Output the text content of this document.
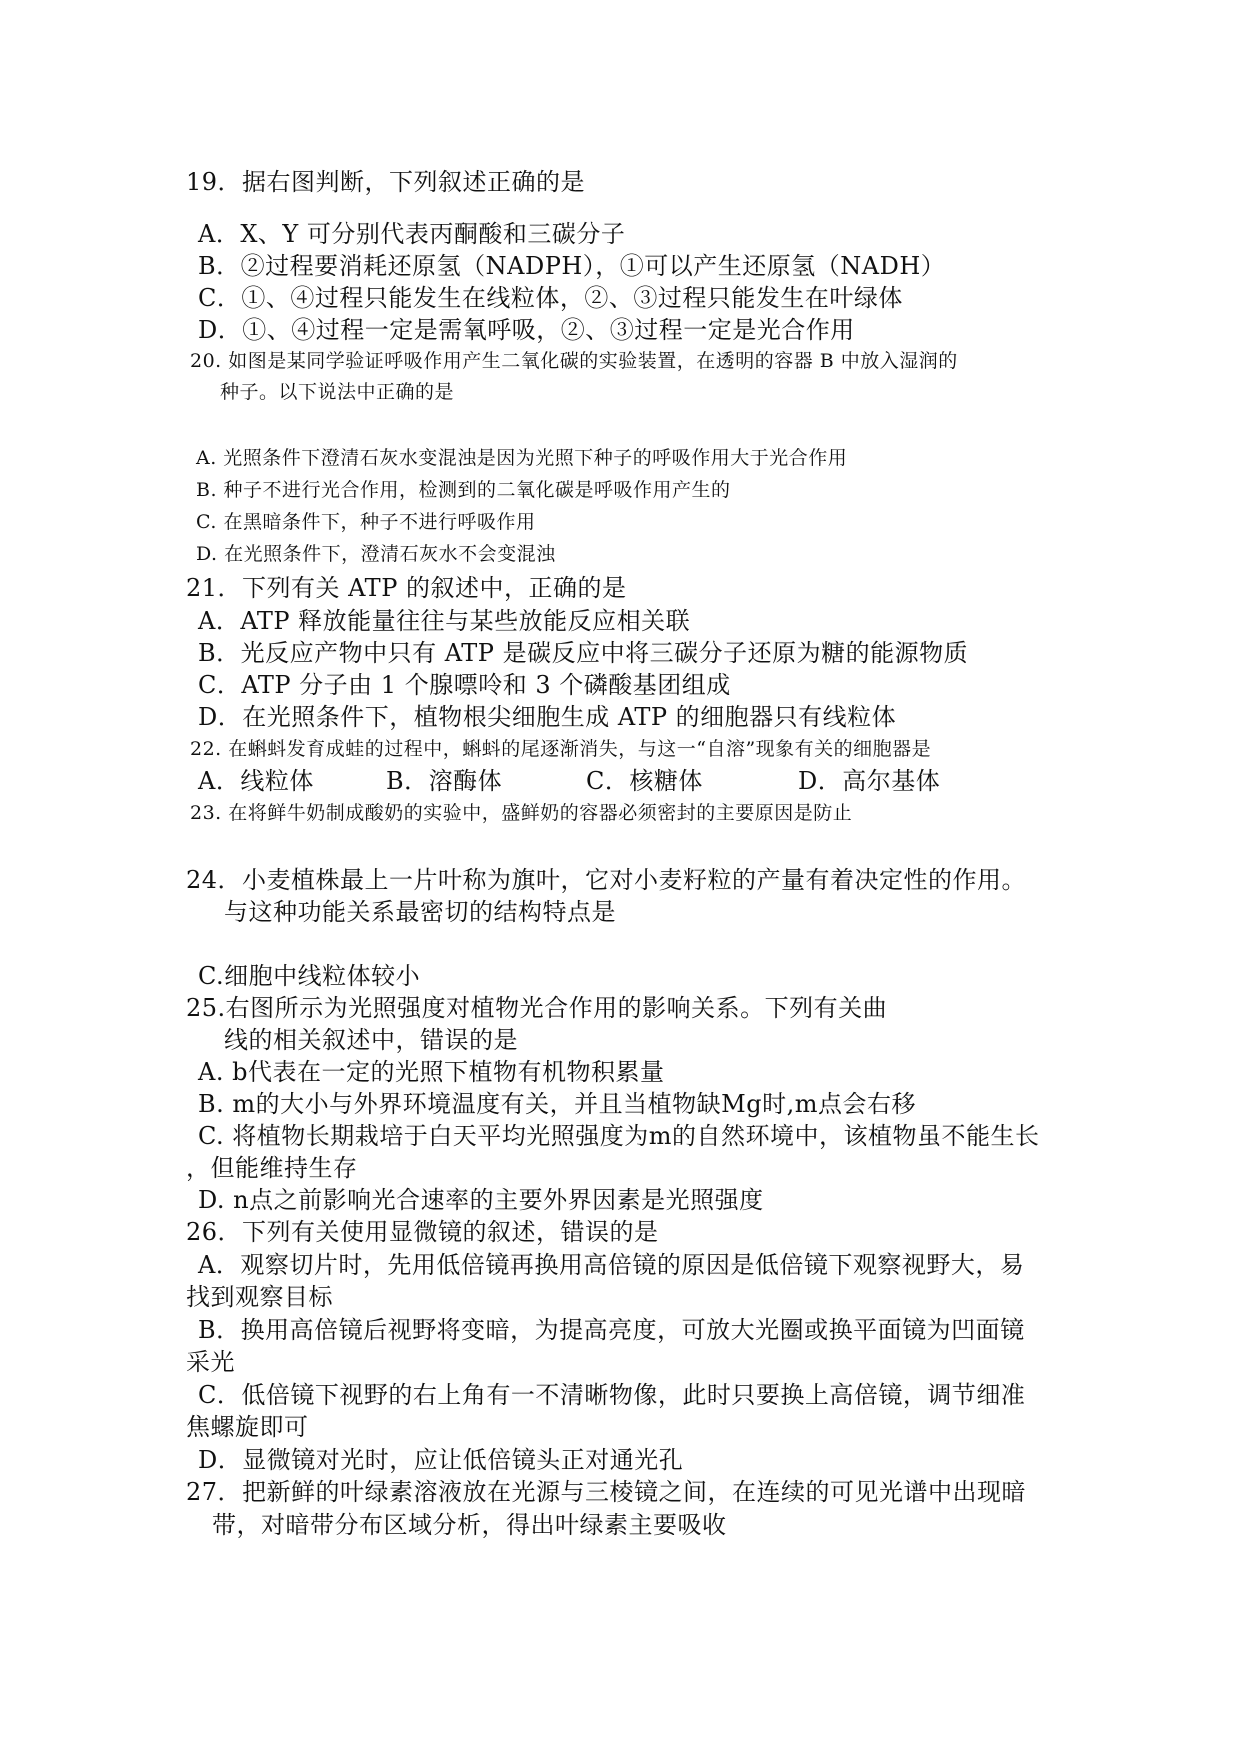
19．据右图判断，下列叙述正确的是
A．X、Y 可分别代表丙酮酸和三碳分子
B．②过程要消耗还原氢（NADPH），①可以产生还原氢（NADH）
C．①、④过程只能发生在线粒体，②、③过程只能发生在叶绿体
D．①、④过程一定是需氧呼吸，②、③过程一定是光合作用
20. 如图是某同学验证呼吸作用产生二氧化碳的实验装置，在透明的容器 B 中放入湿润的
种子。以下说法中正确的是
A. 光照条件下澄清石灰水变混浊是因为光照下种子的呼吸作用大于光合作用
B. 种子不进行光合作用，检测到的二氧化碳是呼吸作用产生的
C. 在黑暗条件下，种子不进行呼吸作用
D. 在光照条件下，澄清石灰水不会变混浊
21．下列有关 ATP 的叙述中，正确的是
A．ATP 释放能量往往与某些放能反应相关联
B．光反应产物中只有 ATP 是碳反应中将三碳分子还原为糖的能源物质
C．ATP 分子由 1 个腺嘌呤和 3 个磷酸基团组成
D．在光照条件下，植物根尖细胞生成 ATP 的细胞器只有线粒体
22. 在蝌蚪发育成蛙的过程中，蝌蚪的尾逐渐消失，与这一“自溶”现象有关的细胞器是
A．线粒体	B．溶酶体	C．核糖体	D．高尔基体
23. 在将鲜牛奶制成酸奶的实验中，盛鲜奶的容器必须密封的主要原因是防止
24．小麦植株最上一片叶称为旗叶，它对小麦籽粒的产量有着决定性的作用。
与这种功能关系最密切的结构特点是
C.细胞中线粒体较小
25.右图所示为光照强度对植物光合作用的影响关系。下列有关曲
线的相关叙述中，错误的是
A. b代表在一定的光照下植物有机物积累量
B. m的大小与外界环境温度有关，并且当植物缺Mg时,m点会右移
C. 将植物长期栽培于白天平均光照强度为m的自然环境中，该植物虽不能生长
，但能维持生存
D. n点之前影响光合速率的主要外界因素是光照强度
26．下列有关使用显微镜的叙述，错误的是
A．观察切片时，先用低倍镜再换用高倍镜的原因是低倍镜下观察视野大，易
找到观察目标
B．换用高倍镜后视野将变暗，为提高亮度，可放大光圈或换平面镜为凹面镜
采光
C．低倍镜下视野的右上角有一不清晰物像，此时只要换上高倍镜，调节细准
焦螺旋即可
D．显微镜对光时，应让低倍镜头正对通光孔
27．把新鲜的叶绿素溶液放在光源与三棱镜之间，在连续的可见光谱中出现暗
带，对暗带分布区域分析，得出叶绿素主要吸收
